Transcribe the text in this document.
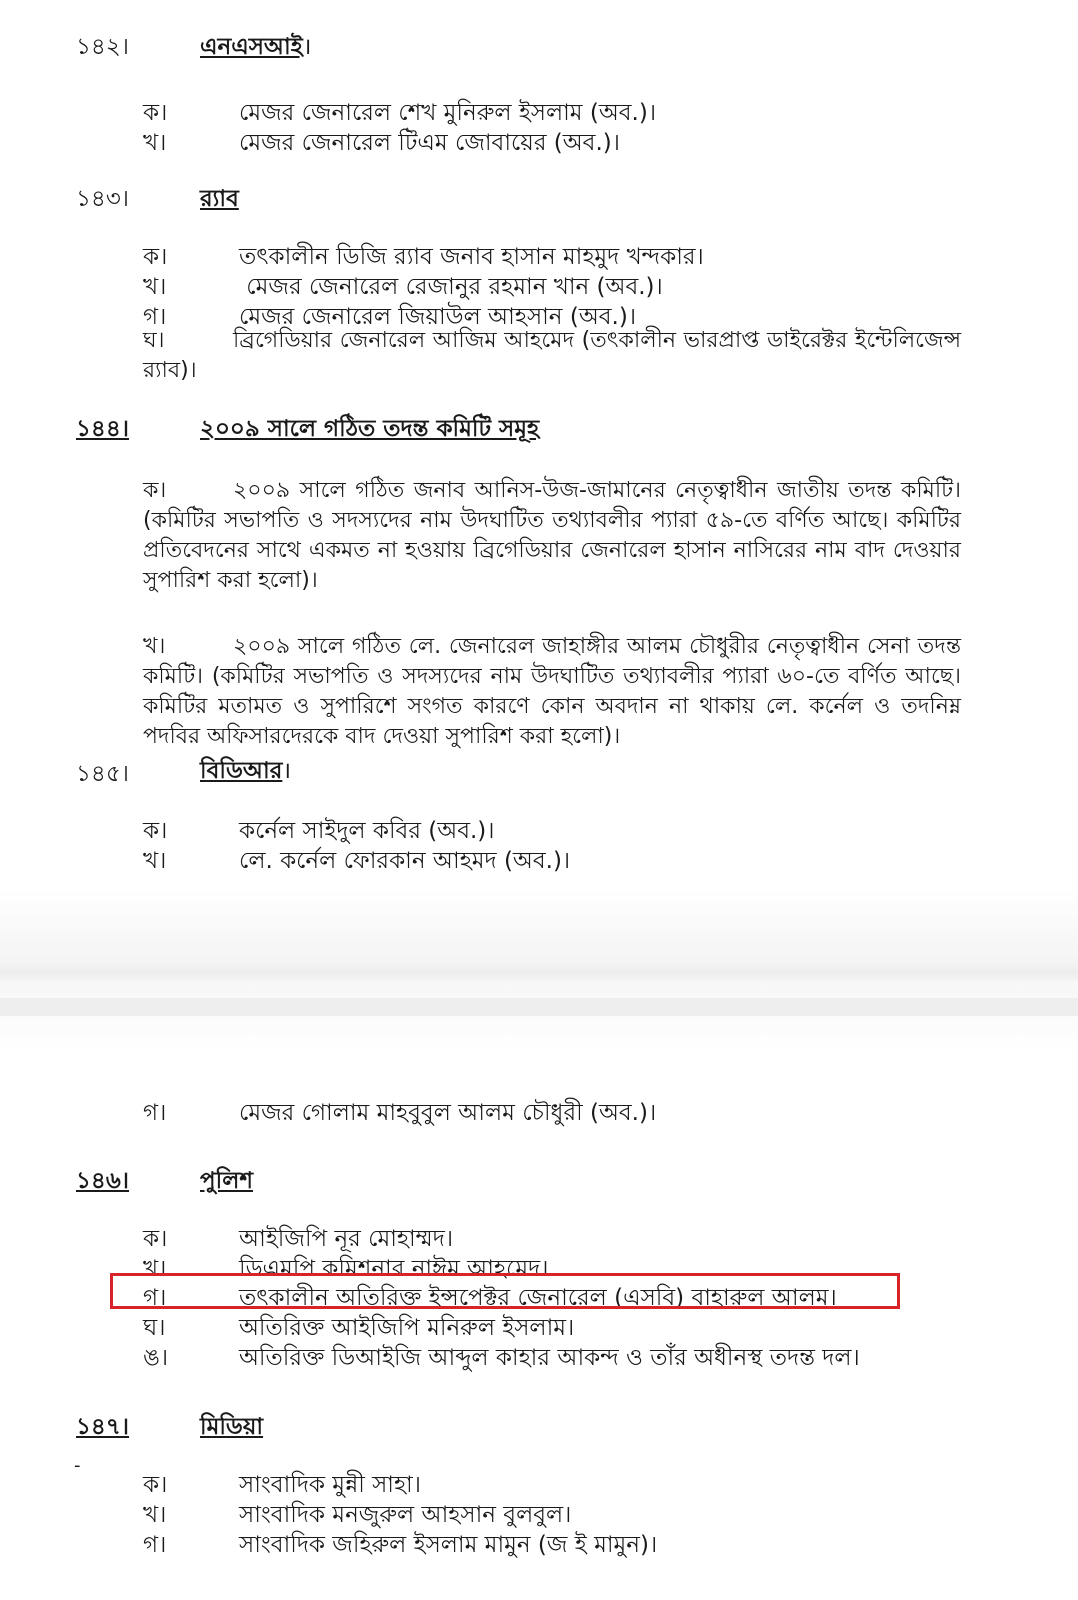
১৪২।	এনএসআই।
ক।	মেজর জেনারেল শেখ মুনিরুল ইসলাম (অব.)।
খ।	মেজর জেনারেল টিএম জোবায়ের (অব.)।
১৪৩।	র‌্যাব
ক।	তৎকালীন ডিজি র‌্যাব জনাব হাসান মাহমুদ খন্দকার।
খ।	মেজর জেনারেল রেজানুর রহমান খান (অব.)।
গ।	মেজর জেনারেল জিয়াউল আহসান (অব.)।
ঘ।	ব্রিগেডিয়ার জেনারেল আজিম আহমেদ (তৎকালীন ভারপ্রাপ্ত ডাইরেক্টর ইন্টেলিজেন্স র‌্যাব)।
১৪৪।	২০০৯ সালে গঠিত তদন্ত কমিটি সমূহ
ক।	২০০৯ সালে গঠিত জনাব আনিস-উজ-জামানের নেতৃত্বাধীন জাতীয় তদন্ত কমিটি। (কমিটির সভাপতি ও সদস্যদের নাম উদঘাটিত তথ্যাবলীর প্যারা ৫৯-তে বর্ণিত আছে। কমিটির প্রতিবেদনের সাথে একমত না হওয়ায় ব্রিগেডিয়ার জেনারেল হাসান নাসিরের নাম বাদ দেওয়ার সুপারিশ করা হলো)।
খ।	২০০৯ সালে গঠিত লে. জেনারেল জাহাঙ্গীর আলম চৌধুরীর নেতৃত্বাধীন সেনা তদন্ত কমিটি। (কমিটির সভাপতি ও সদস্যদের নাম উদঘাটিত তথ্যাবলীর প্যারা ৬০-তে বর্ণিত আছে। কমিটির মতামত ও সুপারিশে সংগত কারণে কোন অবদান না থাকায় লে. কর্নেল ও তদনিম্ন পদবির অফিসারদেরকে বাদ দেওয়া সুপারিশ করা হলো)।
১৪৫।	বিডিআর।
ক।	কর্নেল সাইদুল কবির (অব.)।
খ।	লে. কর্নেল ফোরকান আহমদ (অব.)।
গ।	মেজর গোলাম মাহবুবুল আলম চৌধুরী (অব.)।
১৪৬।	পুলিশ
ক।	আইজিপি নূর মোহাম্মদ।
খ।	ডিএমপি কমিশনার নাঈম আহমেদ।
গ।	তৎকালীন অতিরিক্ত ইন্সপেক্টর জেনারেল (এসবি) বাহারুল আলম।
ঘ।	অতিরিক্ত আইজিপি মনিরুল ইসলাম।
ঙ।	অতিরিক্ত ডিআইজি আব্দুল কাহার আকন্দ ও তাঁর অধীনস্থ তদন্ত দল।
১৪৭।	মিডিয়া
-
ক।	সাংবাদিক মুন্নী সাহা।
খ।	সাংবাদিক মনজুরুল আহসান বুলবুল।
গ।	সাংবাদিক জহিরুল ইসলাম মামুন (জ ই মামুন)।
